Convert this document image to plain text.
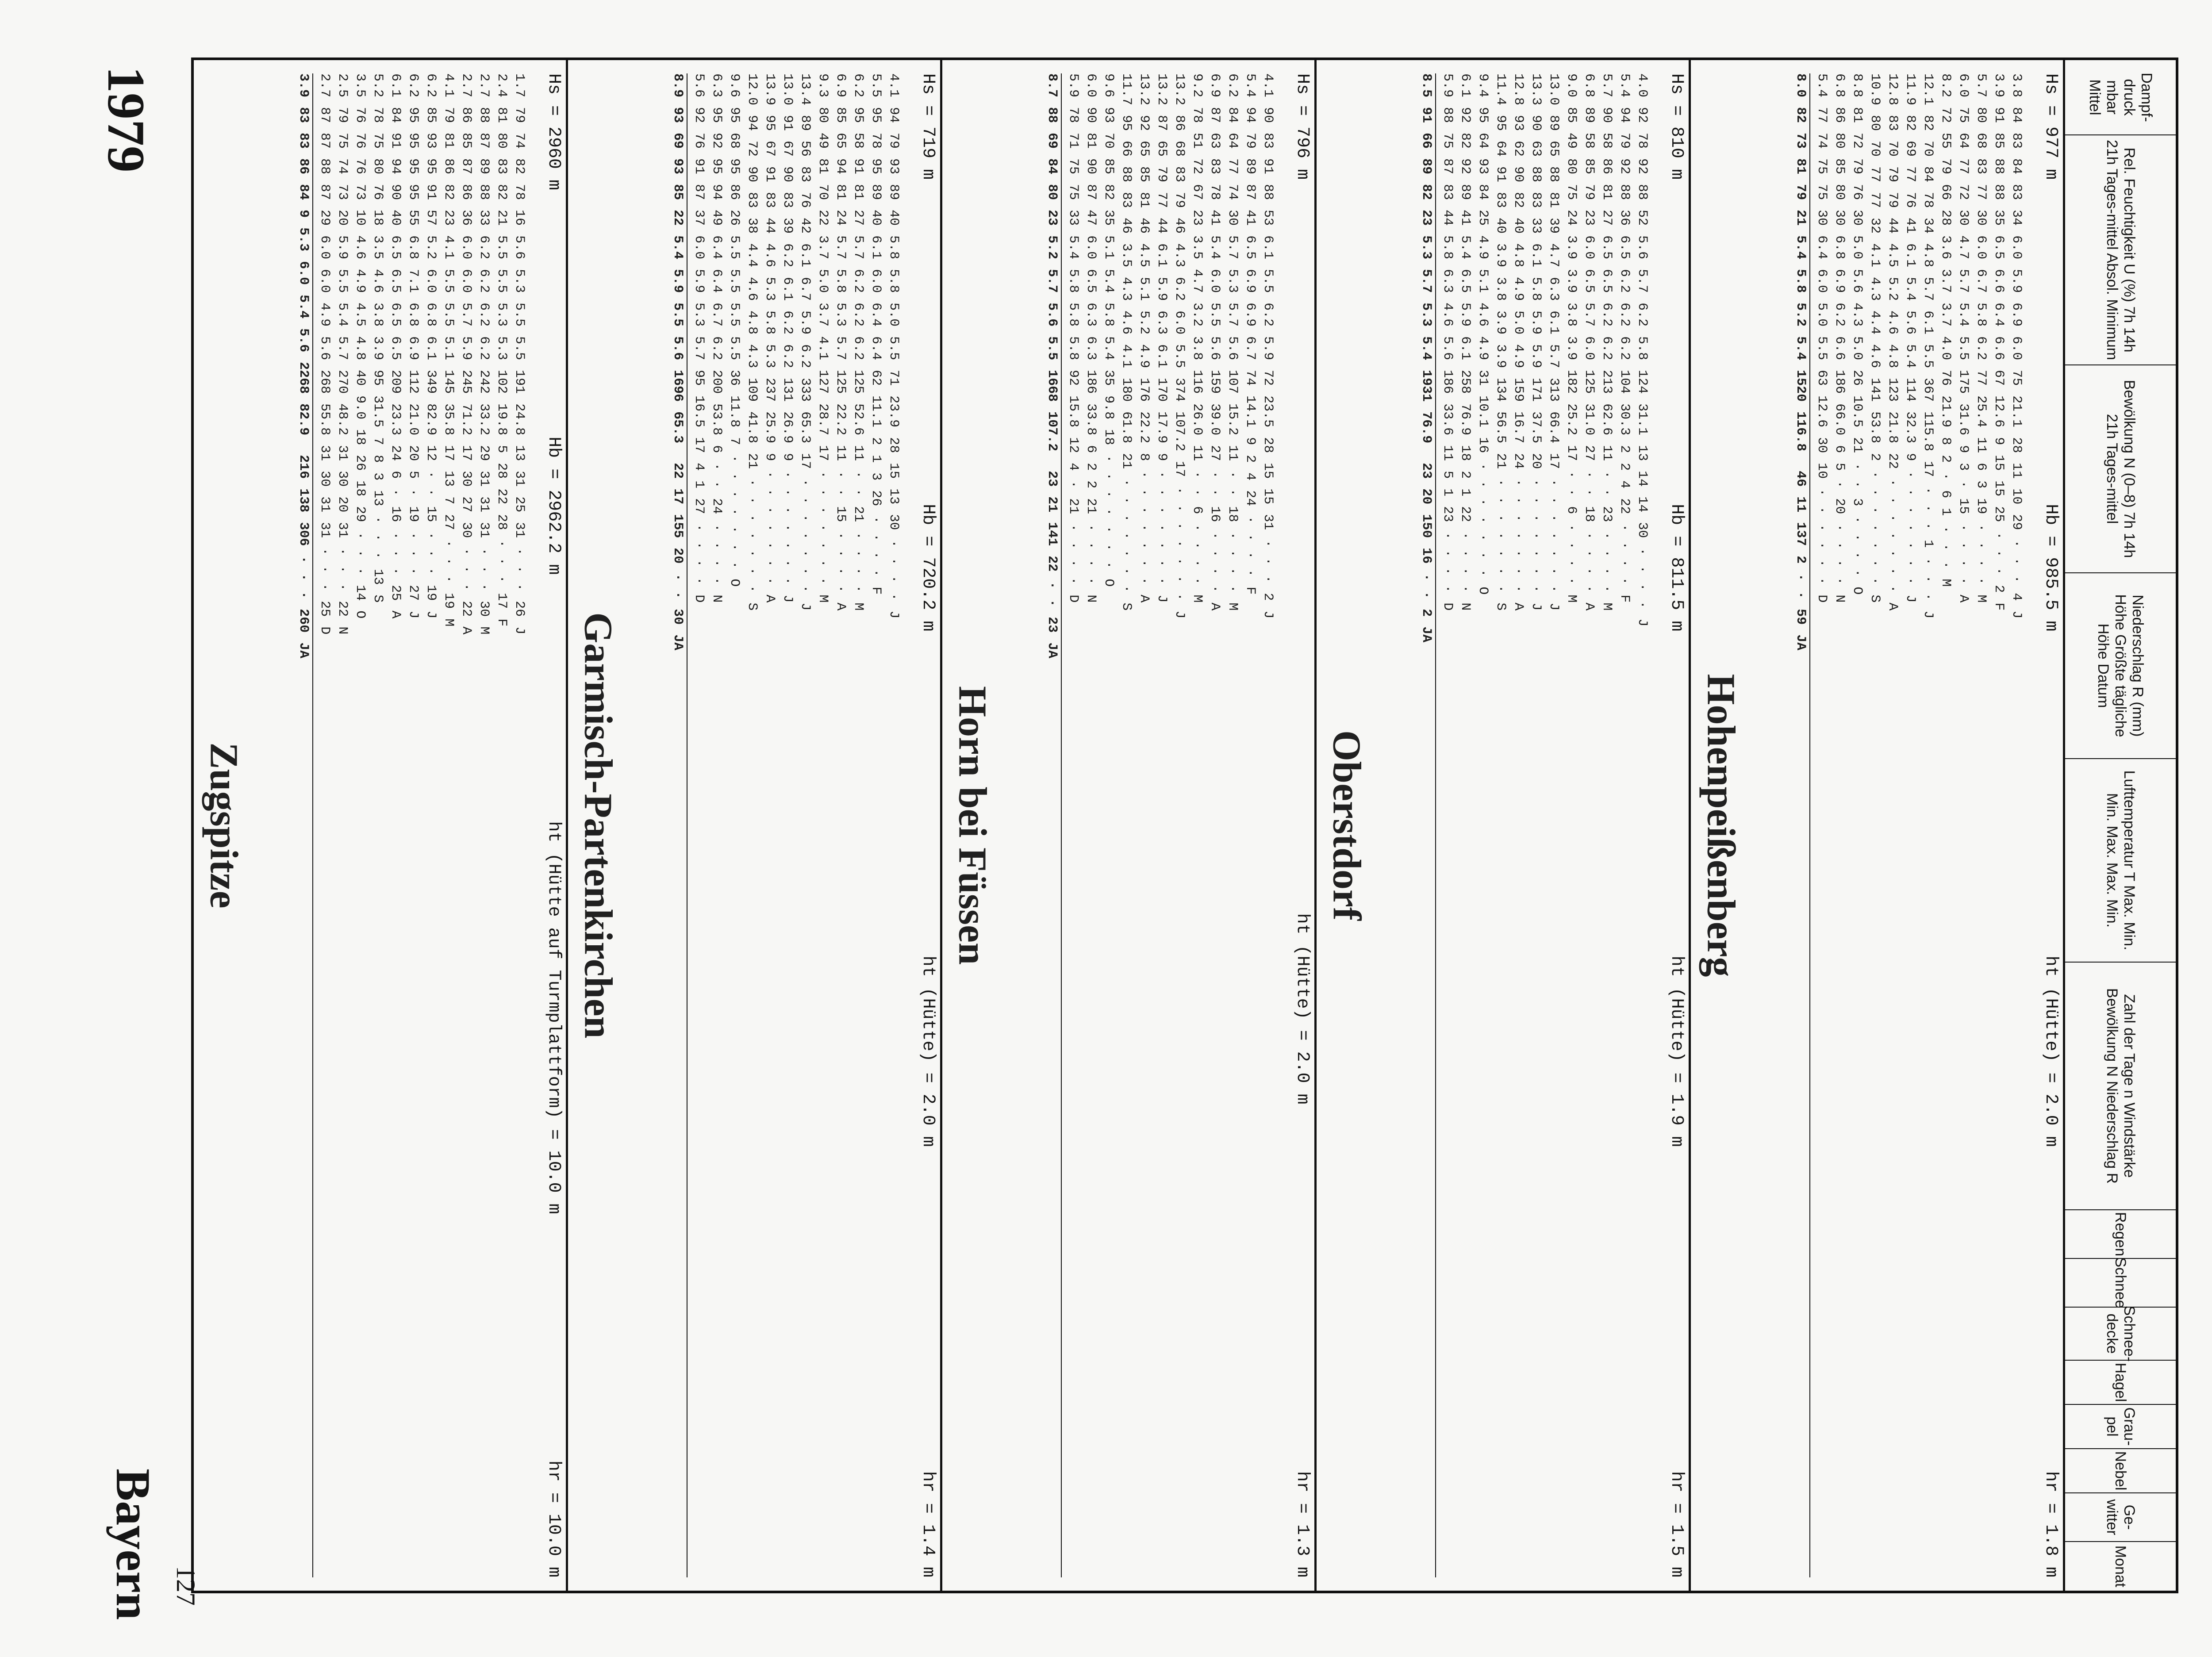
1979
Bayern 127
Dampf-druck mbar Mittel
Rel. Feuchtigkeit U (%) 7h 14h 21h Tages-mittel Absol. Minimum
Bewölkung N (0–8) 7h 14h 21h Tages-mittel
Niederschlag R (mm) Höhe Größte tägliche Höhe Datum
Lufttemperatur T Max. Min. Min. Max. Max. Min.
Zahl der Tage n Windstärke Bewölkung N Niederschlag R
Regen
Schnee
Schnee-decke
Hagel
Grau-pel
Nebel
Ge-witter
Monat
Hs = 977 m
Hb = 985.5 m
ht (Hütte) = 2.0 m
hr = 1.8 m
3.8
84
83
84
83
34
6.0
5.9
6.9
6.0
75
21.1
28
11
10
29
·
·
·
4
J
3.9
91
85
88
88
35
6.5
6.6
6.4
6.6
67
12.6
9
15
15
25
·
·
·
2
F
5.7
80
68
83
77
30
6.0
6.7
5.8
6.2
77
25.4
11
6
3
19
·
·
·
·
M
6.0
75
64
77
72
30
4.7
5.7
5.4
5.5
175
31.6
9
3
·
15
·
·
·
·
A
8.2
72
55
79
66
28
3.6
3.7
3.7
4.0
76
21.9
8
2
·
6
1
·
·
·
M
12.1
82
70
84
78
34
4.8
5.7
6.1
5.5
367
115.8
17
·
·
·
1
·
·
·
J
11.9
82
69
77
76
41
6.1
5.4
5.6
5.4
114
32.3
9
·
·
·
·
·
·
·
J
12.8
83
70
79
79
44
4.5
5.2
4.6
4.8
123
21.8
22
·
·
·
·
·
·
·
A
10.9
80
70
77
77
32
4.1
4.3
4.4
4.6
141
53.8
2
·
·
·
·
·
·
·
S
8.8
81
72
79
76
30
5.0
5.6
4.3
5.0
26
10.5
21
·
·
3
·
·
·
·
O
6.8
86
80
85
80
30
6.8
6.9
6.2
6.6
186
66.0
6
5
·
20
·
·
·
·
N
5.4
77
74
75
75
30
6.4
6.0
5.0
5.5
63
12.6
30
10
·
·
·
·
·
·
D
8.0
82
73
81
79
21
5.4
5.8
5.2
5.4
1520
116.8
46
11
137
2
·
·
59
JA
Hohenpeißenberg
Hs = 810 m
Hb = 811.5 m
ht (Hütte) = 1.9 m
hr = 1.5 m
4.0
92
78
92
88
52
5.6
5.7
6.2
5.8
124
31.1
13
14
14
30
·
·
·
·
J
5.4
94
79
92
88
36
6.5
6.2
6.2
6.2
104
30.3
2
2
4
22
·
·
·
·
F
5.7
90
58
86
81
27
6.5
6.5
6.2
6.2
213
62.6
11
·
·
23
·
·
·
·
M
6.8
89
58
85
79
23
6.0
6.5
5.7
6.0
125
31.0
27
·
·
18
·
·
·
·
A
9.0
85
49
80
75
24
3.9
3.9
3.8
3.9
182
25.2
17
·
·
6
·
·
·
·
M
13.0
89
65
88
81
39
4.7
6.3
6.1
5.7
313
66.4
17
·
·
·
·
·
·
·
J
13.3
90
63
88
83
33
6.1
5.8
5.9
5.9
171
37.5
20
·
·
·
·
·
·
·
J
12.8
93
62
90
82
40
4.8
4.9
5.0
4.9
159
16.7
24
·
·
·
·
·
·
·
A
11.4
95
64
91
83
40
3.9
3.8
3.9
3.9
134
56.5
21
·
·
·
·
·
·
·
S
9.4
95
64
93
84
25
4.9
5.1
4.6
4.9
31
10.1
16
·
·
·
·
·
·
·
O
6.1
92
82
92
89
41
5.4
6.5
5.9
6.1
258
76.9
18
2
1
22
·
·
·
·
N
5.9
88
75
87
83
44
5.8
6.3
4.6
5.6
186
33.6
11
5
1
23
·
·
·
·
D
8.5
91
66
89
82
23
5.3
5.7
5.3
5.4
1931
76.9
23
20
150
16
·
·
2
JA
Oberstdorf
Hs = 796 m
ht (Hütte) = 2.0 m
hr = 1.3 m
4.1
90
83
91
88
53
6.1
5.5
6.2
5.9
72
23.5
28
15
15
31
·
·
·
2
J
5.4
94
79
89
87
41
6.5
6.9
6.9
6.7
74
14.1
9
2
4
24
·
·
·
·
F
6.2
84
64
77
74
30
5.7
5.3
5.7
5.6
107
15.2
11
·
·
18
·
·
·
·
M
6.9
87
63
83
78
41
5.4
6.0
5.5
5.6
159
39.0
27
·
·
16
·
·
·
·
A
9.2
78
51
72
67
23
3.5
4.7
3.2
3.8
116
26.0
11
·
·
6
·
·
·
·
M
13.2
86
68
83
79
46
4.3
6.2
6.0
5.5
374
107.2
17
·
·
·
·
·
·
·
J
13.2
87
65
79
77
44
6.1
5.9
6.3
6.1
170
17.9
9
·
·
·
·
·
·
·
J
13.2
92
65
85
81
46
4.5
5.1
5.2
4.9
176
22.2
8
·
·
·
·
·
·
·
A
11.7
95
66
88
83
46
3.5
4.3
4.6
4.1
180
61.8
21
·
·
·
·
·
·
·
S
9.6
93
70
85
82
35
5.1
5.4
5.8
5.4
35
9.8
18
·
·
·
·
·
·
·
O
6.0
90
81
90
87
47
6.0
6.5
6.3
6.3
186
33.8
6
2
2
21
·
·
·
·
N
5.9
78
71
75
75
33
5.4
5.8
5.8
5.8
92
15.8
12
4
·
21
·
·
·
·
D
8.7
88
69
84
80
23
5.2
5.7
5.6
5.5
1668
107.2
23
21
141
22
·
·
23
JA
Horn bei Füssen
Hs = 719 m
Hb = 720.2 m
ht (Hütte) = 2.0 m
hr = 1.4 m
4.1
94
79
93
89
40
5.8
5.8
5.0
5.5
71
23.9
28
15
13
30
·
·
·
·
J
5.5
95
78
95
89
40
6.1
6.0
6.4
6.4
62
11.1
2
1
3
26
·
·
·
·
F
6.2
95
58
91
81
27
5.7
6.2
6.2
6.2
125
52.6
11
·
·
21
·
·
·
·
M
6.9
85
65
94
81
24
5.7
5.8
5.3
5.7
125
22.2
11
·
·
15
·
·
·
·
A
9.3
80
49
81
70
22
3.7
5.0
3.7
4.1
127
28.7
17
·
·
·
·
·
·
·
M
13.4
89
56
83
76
42
6.1
6.7
5.9
6.2
333
65.3
17
·
·
·
·
·
·
·
J
13.0
91
67
90
83
39
6.2
6.1
6.2
6.2
131
26.9
9
·
·
·
·
·
·
·
J
13.9
95
67
91
83
44
4.6
5.3
5.8
5.3
237
25.9
9
·
·
·
·
·
·
·
A
12.0
94
72
90
83
38
4.4
4.6
4.8
4.3
109
41.8
21
·
·
·
·
·
·
·
S
9.6
95
68
95
86
26
5.5
5.5
5.5
5.5
36
11.8
7
·
·
·
·
·
·
·
O
6.3
95
92
95
94
49
6.4
6.4
6.7
6.2
200
53.8
6
·
·
24
·
·
·
·
N
5.6
92
76
91
87
37
6.0
5.9
5.3
5.7
95
16.5
17
4
1
27
·
·
·
·
D
8.9
93
69
93
85
22
5.4
5.9
5.5
5.6
1696
65.3
22
17
155
20
·
·
30
JA
Garmisch-Partenkirchen
Hs = 2960 m
Hb = 2962.2 m
ht (Hütte auf Turmplattform) = 10.0 m
hr = 10.0 m
1.7
79
74
82
78
16
5.6
5.3
5.5
5.5
191
24.8
13
31
25
31
·
·
·
26
J
2.4
81
80
83
82
21
5.5
5.5
5.3
5.3
102
19.8
5
28
22
28
·
·
·
17
F
2.7
88
87
89
88
33
6.2
6.2
6.2
6.2
242
33.2
29
31
31
31
·
·
·
30
M
2.7
86
85
87
86
36
6.0
6.0
5.7
5.9
245
71.2
17
30
27
30
·
·
·
22
A
4.1
79
81
86
82
23
4.1
5.5
5.5
5.1
145
35.8
17
13
7
27
·
·
·
19
M
6.2
85
93
95
91
57
5.2
6.0
6.8
6.1
349
82.9
12
·
·
15
·
·
·
19
J
6.2
95
95
95
95
55
6.8
7.1
6.8
6.9
112
21.0
20
5
·
19
·
·
·
27
J
6.1
84
91
94
90
40
6.5
6.5
6.5
6.5
209
23.3
24
6
·
16
·
·
·
25
A
5.2
78
75
80
76
18
3.5
4.6
3.8
3.9
95
31.5
7
8
3
13
·
·
·
13
S
3.5
76
76
76
73
10
4.6
4.9
4.5
4.8
40
9.0
18
26
18
29
·
·
·
14
O
2.5
79
75
74
73
20
5.9
5.5
5.4
5.7
270
48.2
31
30
20
31
·
·
·
22
N
2.7
87
87
88
87
29
6.0
6.0
4.9
5.6
268
55.8
31
30
31
31
·
·
·
25
D
3.9
83
83
86
84
9
5.3
6.0
5.4
5.6
2268
82.9
216
138
306
·
·
·
260
JA
Zugspitze
